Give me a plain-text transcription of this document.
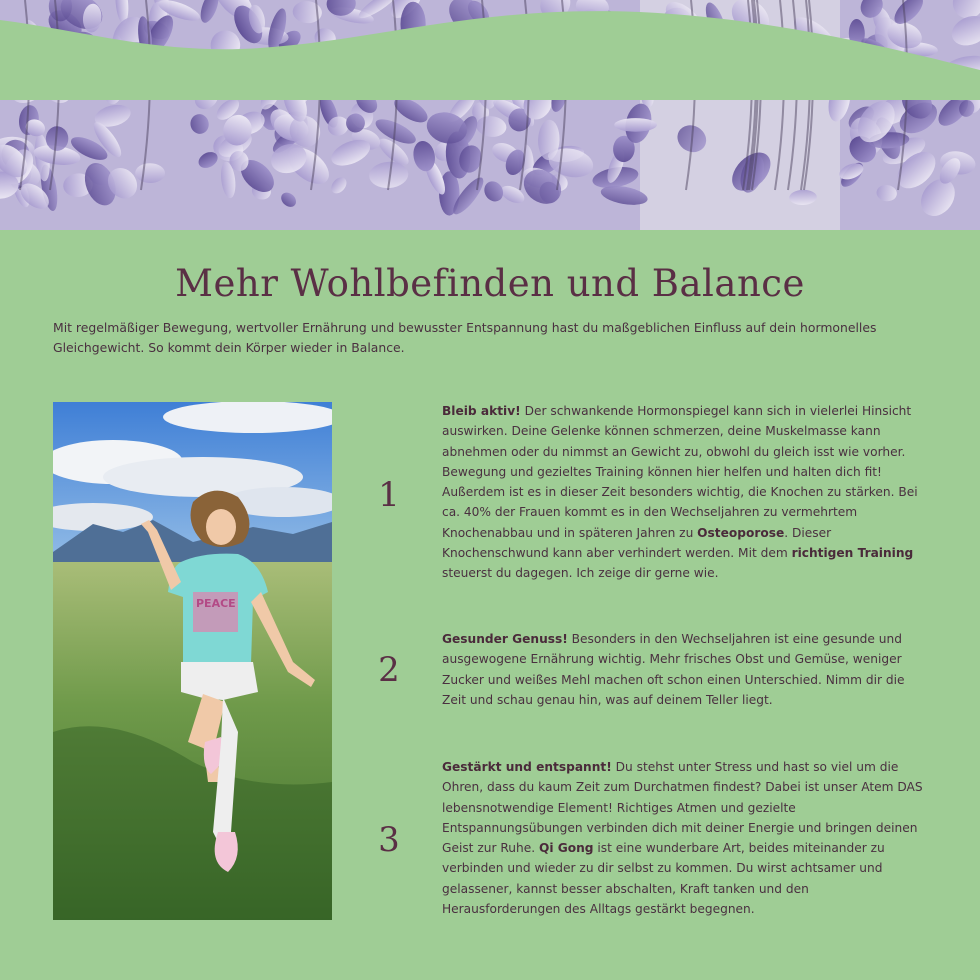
Mehr Wohlbefinden und Balance

Mit regelmäßiger Bewegung, wertvoller Ernährung und bewusster Entspannung hast du maßgeblichen Einfluss auf dein hormonelles Gleichgewicht. So kommt dein Körper wieder in Balance.

PEACE
1

Bleib aktiv! Der schwankende Hormonspiegel kann sich in vielerlei Hinsicht auswirken. Deine Gelenke können schmerzen, deine Muskelmasse kann abnehmen oder du nimmst an Gewicht zu, obwohl du gleich isst wie vorher. Bewegung und gezieltes Training können hier helfen und halten dich fit! Außerdem ist es in dieser Zeit besonders wichtig, die Knochen zu stärken. Bei ca. 40% der Frauen kommt es in den Wechseljahren zu vermehrtem Knochenabbau und in späteren Jahren zu Osteoporose. Dieser Knochenschwund kann aber verhindert werden. Mit dem richtigen Training steuerst du dagegen. Ich zeige dir gerne wie.

2

Gesunder Genuss! Besonders in den Wechseljahren ist eine gesunde und ausgewogene Ernährung wichtig. Mehr frisches Obst und Gemüse, weniger Zucker und weißes Mehl machen oft schon einen Unterschied. Nimm dir die Zeit und schau genau hin, was auf deinem Teller liegt.

3

Gestärkt und entspannt! Du stehst unter Stress und hast so viel um die Ohren, dass du kaum Zeit zum Durchatmen findest? Dabei ist unser Atem DAS lebensnotwendige Element! Richtiges Atmen und gezielte Entspannungsübungen verbinden dich mit deiner Energie und bringen deinen Geist zur Ruhe. Qi Gong ist eine wunderbare Art, beides miteinander zu verbinden und wieder zu dir selbst zu kommen. Du wirst achtsamer und gelassener, kannst besser abschalten, Kraft tanken und den Herausforderungen des Alltags gestärkt begegnen.
